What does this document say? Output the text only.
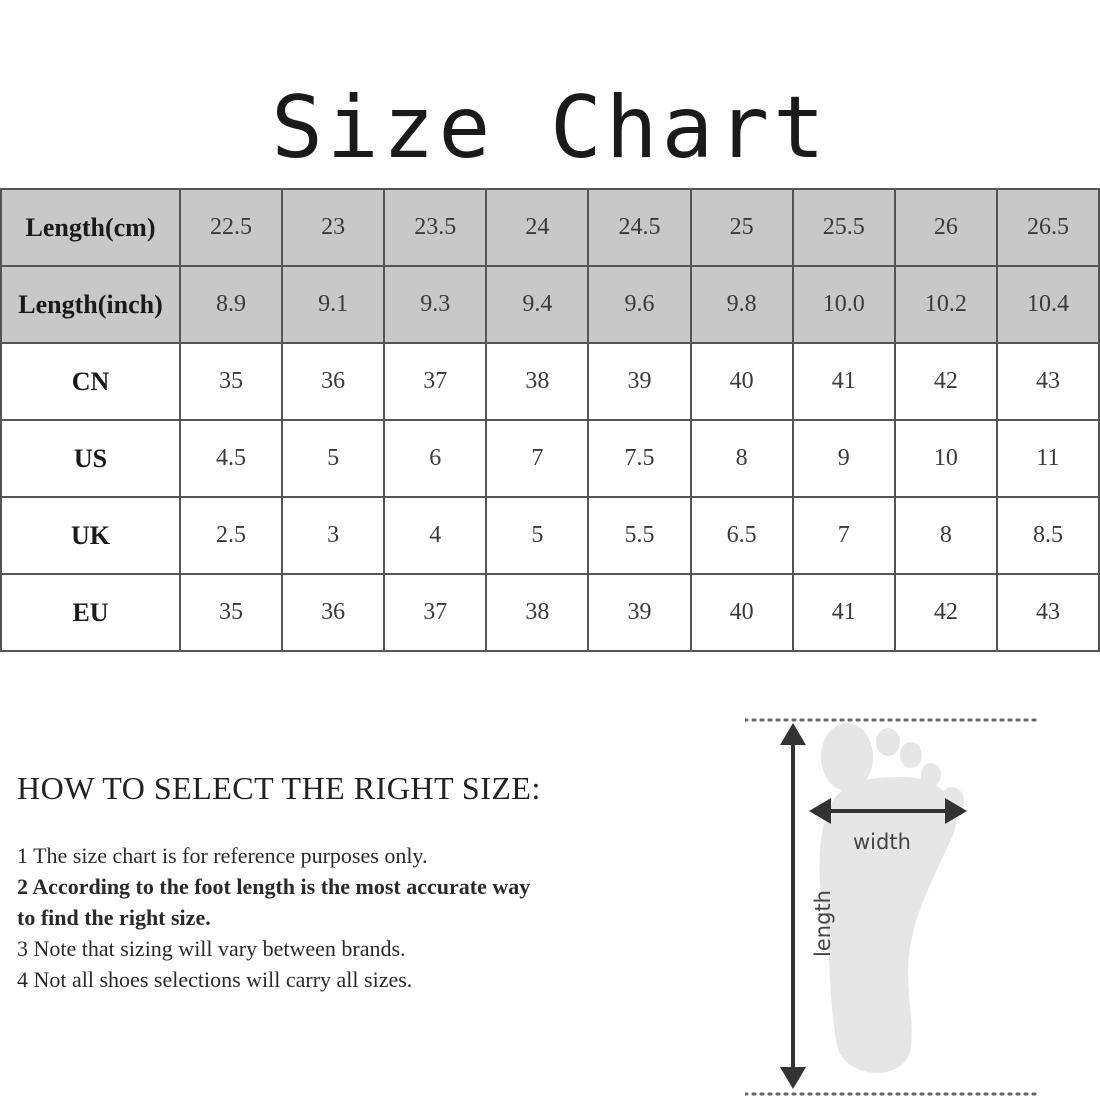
Size Chart
Length(cm)	22.5	23	23.5	24	24.5	25	25.5	26	26.5
Length(inch)	8.9	9.1	9.3	9.4	9.6	9.8	10.0	10.2	10.4
CN	35	36	37	38	39	40	41	42	43
US	4.5	5	6	7	7.5	8	9	10	11
UK	2.5	3	4	5	5.5	6.5	7	8	8.5
EU	35	36	37	38	39	40	41	42	43
HOW TO SELECT THE RIGHT SIZE:
1 The size chart is for reference purposes only.
2 According to the foot length is the most accurate way to find the right size.
3 Note that sizing will vary between brands.
4 Not all shoes selections will carry all sizes.
width
length
